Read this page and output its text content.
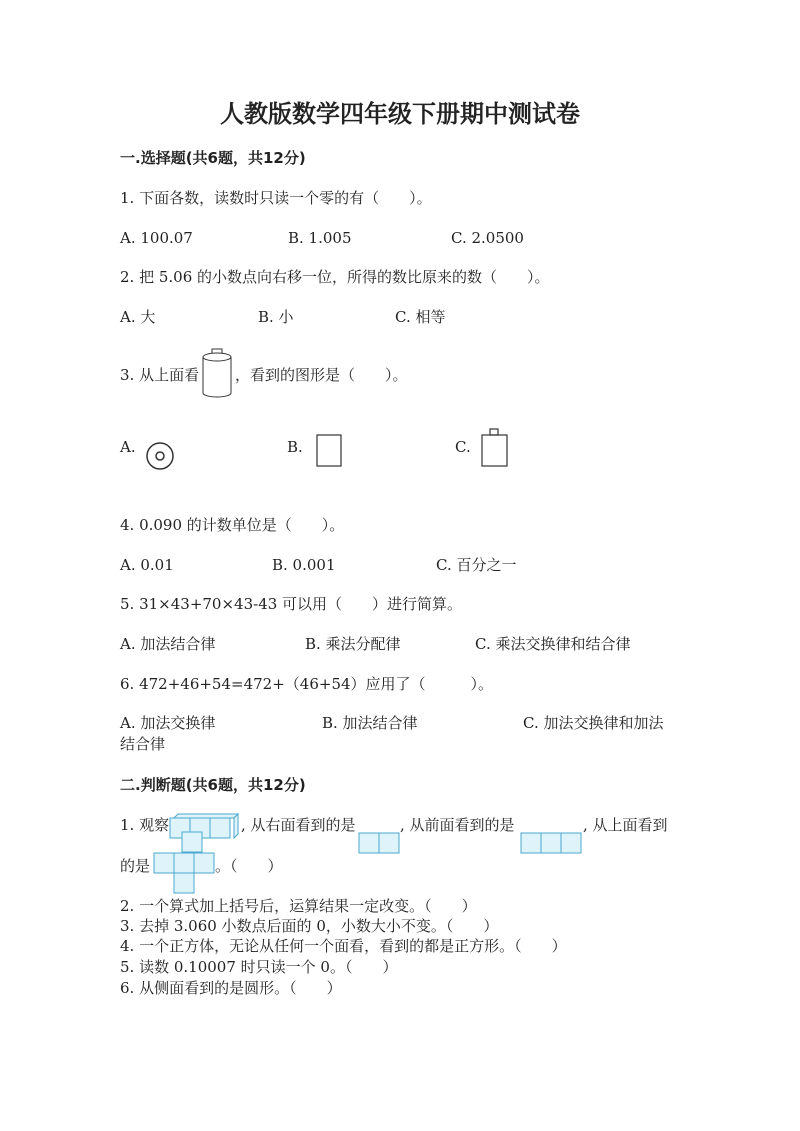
人教版数学四年级下册期中测试卷
一.选择题(共6题，共12分)
1. 下面各数，读数时只读一个零的有（　　）。
A. 100.07	B. 1.005	C. 2.0500
2. 把 5.06 的小数点向右移一位，所得的数比原来的数（　　）。
A. 大	B. 小	C. 相等
3. 从上面看 ，看到的图形是（　　）。
A.	B.	C.
4. 0.090 的计数单位是（　　）。
A. 0.01	B. 0.001	C. 百分之一
5. 31×43+70×43-43 可以用（　　）进行简算。
A. 加法结合律	B. 乘法分配律	C. 乘法交换律和结合律
6. 472+46+54=472+（46+54）应用了（　　　）。
A. 加法交换律	B. 加法结合律	C. 加法交换律和加法
结合律
二.判断题(共6题，共12分)
1. 观察	, 从右面看到的是	, 从前面看到的是	, 从上面看到
的是	。（　　）
2. 一个算式加上括号后，运算结果一定改变。（　　）
3. 去掉 3.060 小数点后面的 0，小数大小不变。（　　）
4. 一个正方体，无论从任何一个面看，看到的都是正方形。（　　）
5. 读数 0.10007 时只读一个 0。（　　）
6. 从侧面看到的是圆形。（　　）
